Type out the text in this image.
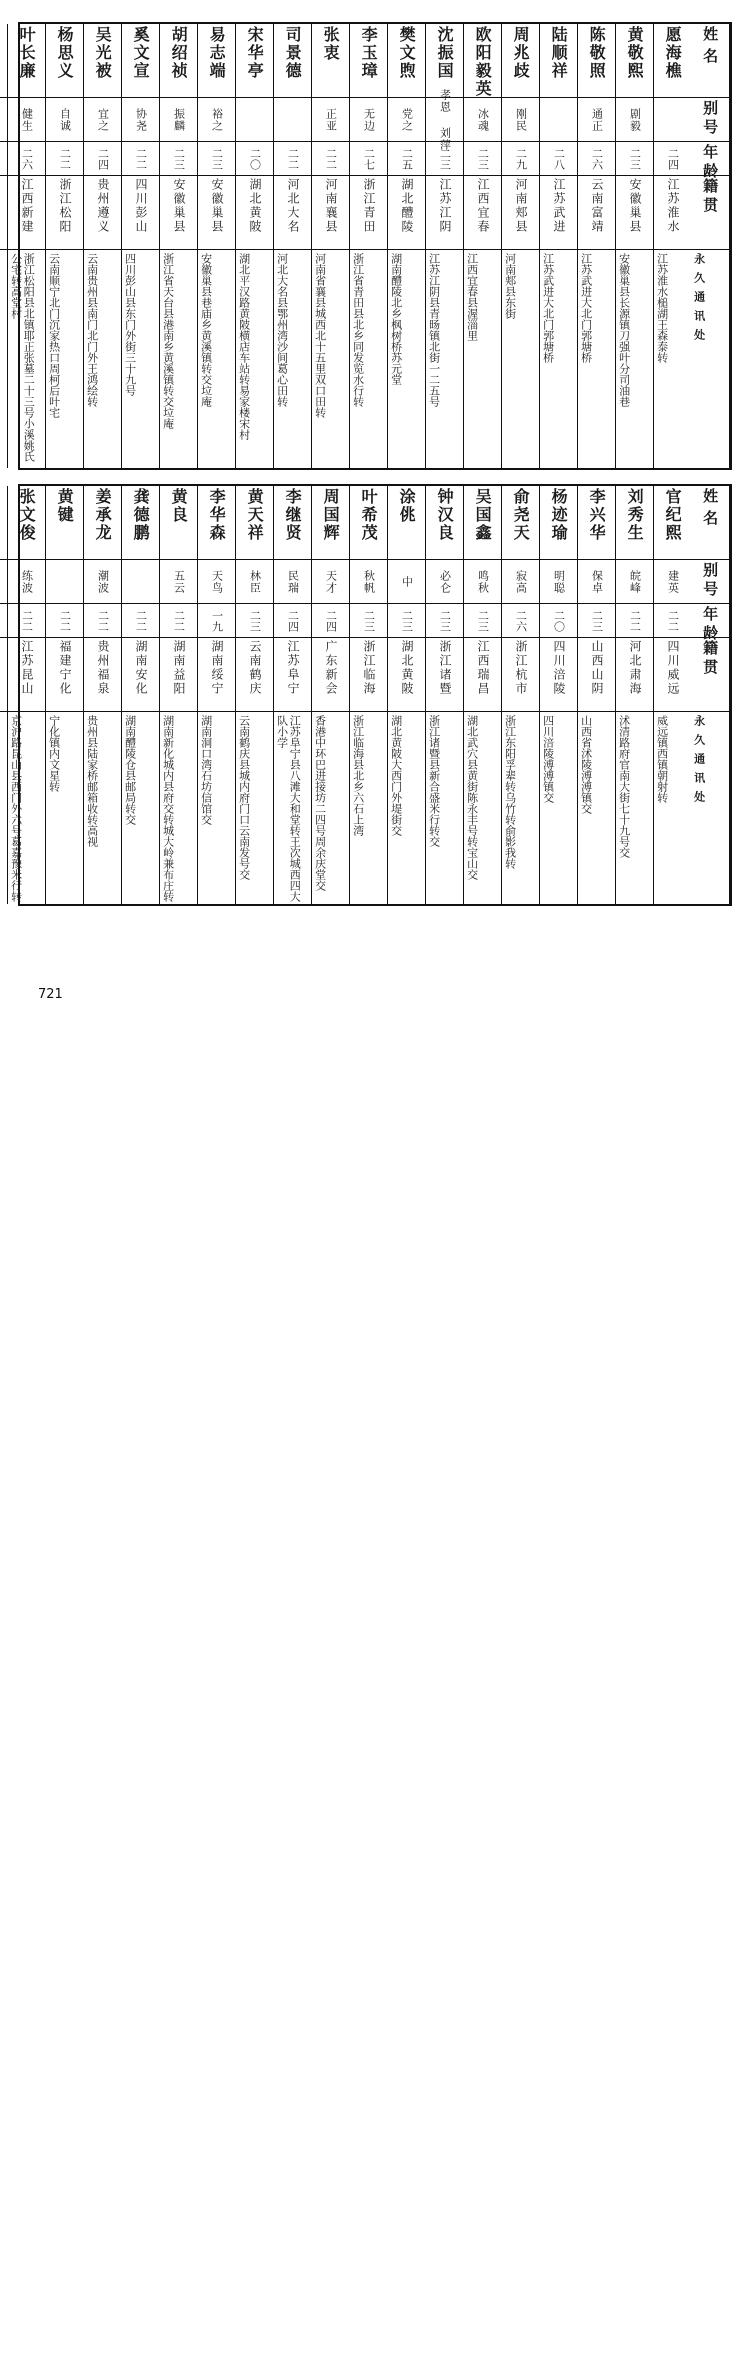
姓名
别号
年龄
籍贯
永久通讯处
愿海樵
二四
江苏淮水
江苏淮水槌湖王森泰转
黄敬熙
剧毅
二三
安徽巢县
安徽巢县长源镇刀强叶分司油巷
陈敬照
通正
二六
云南富靖
江苏武进大北门郭塘桥
陆顺祥
二八
江苏武进
江苏武进大北门郭塘桥
周兆歧
刚民
二九
河南郏县
河南郏县东街
欧阳毅英
冰魂
二三
江西宜春
江西宜春县渥淄里
沈振国
孝恩 刘萍
二三
江苏江阴
江苏江阴县青旸镇北街一二五号
樊文煦
党之
二五
湖北醴陵
湖南醴陵北乡枫树桥苏元堂
李玉璋
无边
二七
浙江青田
浙江省青田县北乡同发览水行转
张衷
正亚
二二
河南襄县
河南省襄县城西北十五里双口田转
司景德
二二
河北大名
河北大名县鄂州湾沙间葛心田转
宋华亭
二〇
湖北黄陂
湖北平汉路黄陂横店车站转易家楼宋村
易志端
裕之
二三
安徽巢县
安徽巢县巷庙乡黄溪镇转交垃庵
胡绍祯
振麟
二三
安徽巢县
浙江省天台县港南乡黄溪镇转交垃庵
奚文宣
协尧
二二
四川彭山
四川彭山县东门外街三十九号
吴光被
宜之
二四
贵州遵义
云南贵州县南门北门外王鸿绘转
杨思义
自诚
二二
浙江松阳
云南顺宁北门沉家热口周柯后叶宅
叶长廉
健生
二六
江西新建
浙江松阳县北镇耶正张墓二十三号小溪姚氏公宅转高堂村
姓名
别号
年龄
籍贯
永久通讯处
官纪熙
建英
二二
四川威远
威远镇西镇朝射转
刘秀生
皖峰
二二
河北肃海
沭清路府官南大街七十九号交
李兴华
保卓
二三
山西山阴
山西省沭陵溥溥镇交
杨迹瑜
明聪
二〇
四川涪陵
四川涪陵溥溥镇交
俞尧天
寂高
二六
浙江杭市
浙江东阳孚辈转乌竹转俞影我转
吴国鑫
鸣秋
二三
江西瑞昌
湖北武穴县黄街陈永丰号转宝山交
钟汉良
必仑
二三
浙江诸暨
浙江诸暨县新合盛米行转交
涂佻
中
二三
湖北黄陂
湖北黄陂大西门外堤街交
叶希茂
秋帆
二三
浙江临海
浙江临海县北乡六石上湾
周国辉
天才
二四
广东新会
香港中环巴进接坊二四号周余庆堂交
李继贤
民瑞
二四
江苏阜宁
江苏阜宁县八滩大和堂转王次城西四大队小学
黄天祥
林臣
二三
云南鹤庆
云南鹤庆县城内府门口云南发号交
李华森
天鸟
一九
湖南绥宁
湖南洞口湾石坊信馆交
黄良
五云
二二
湖南益阳
湖南新化城内县府交转城大岭兼布庄转
龚德鹏
二二
湖南安化
湖南醴陵仓县邮局转交
姜承龙
潮波
二二
贵州福泉
贵州县陆家桥邮箱收转高视
黄键
二二
福建宁化
宁化镇内文星转
张文俊
练波
二二
江苏昆山
京沪路昆山县西门外六号葛嘉豫米行转
721
